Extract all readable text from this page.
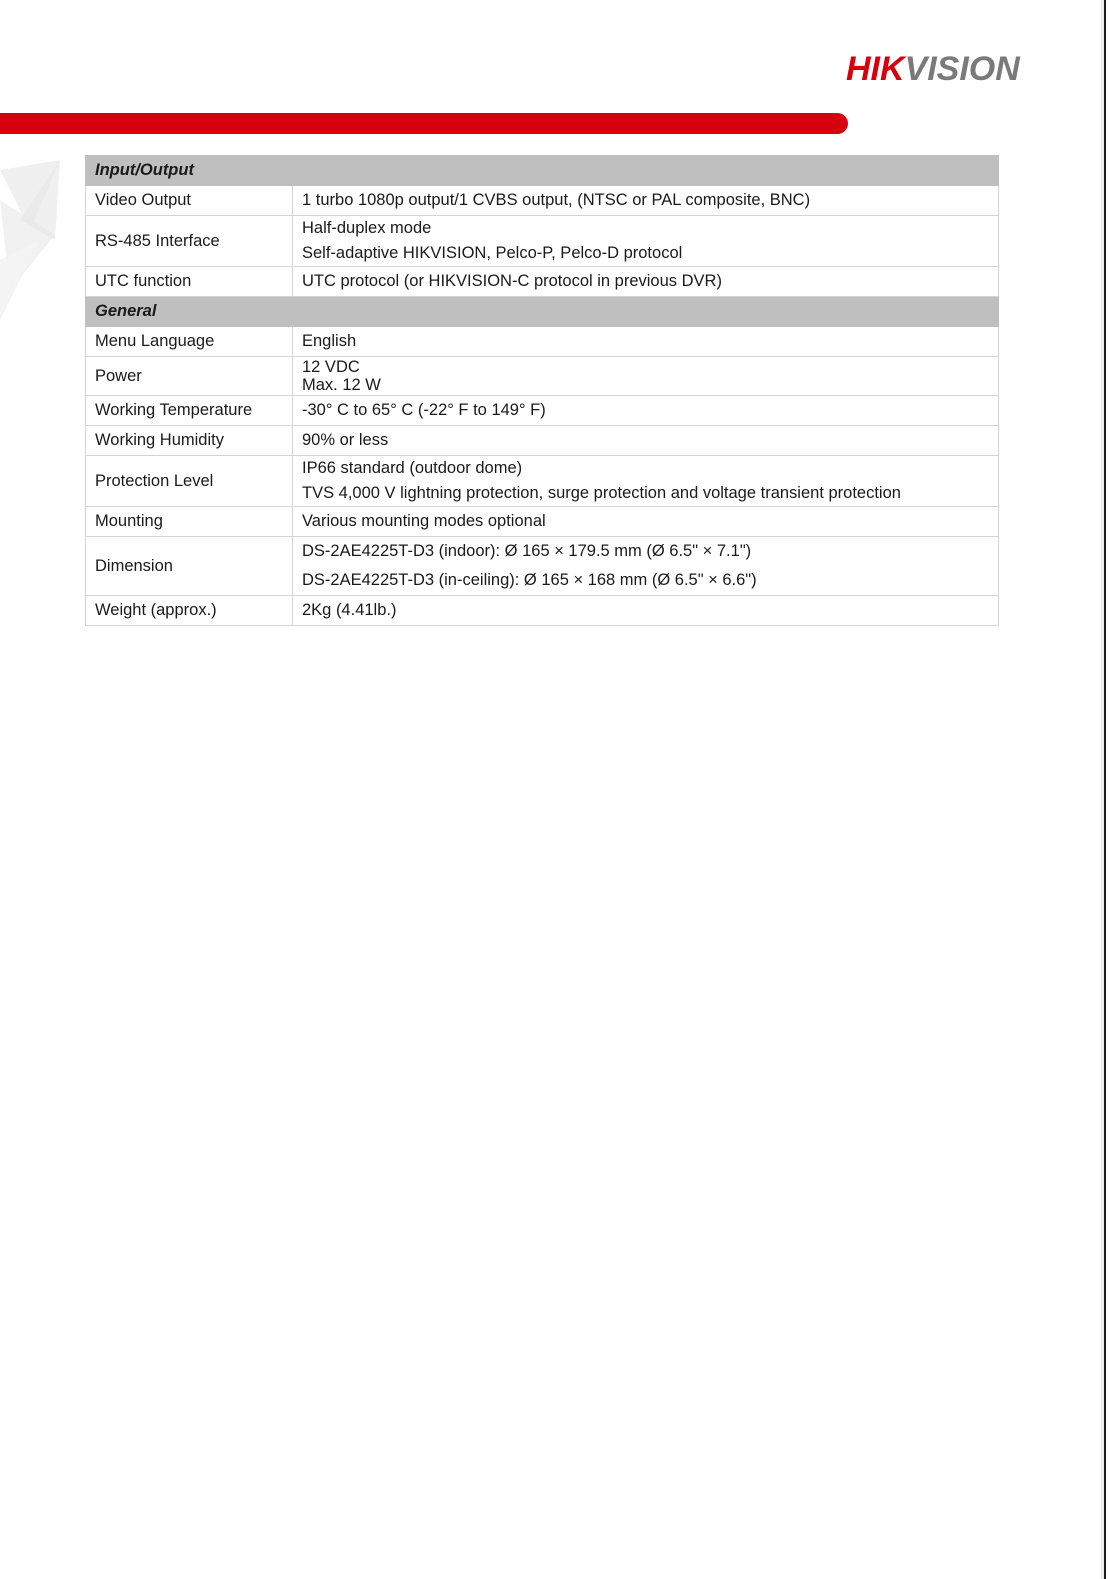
HIKVISION
Input/Output	
Video Output	1 turbo 1080p output/1 CVBS output, (NTSC or PAL composite, BNC)

RS-485 Interface	Half-duplex mode
Self-adaptive HIKVISION, Pelco-P, Pelco-D protocol

UTC function	UTC protocol (or HIKVISION-C protocol in previous DVR)

General	
Menu Language	English

Power	12 VDC
Max. 12 W

Working Temperature	-30° C to 65° C (-22° F to 149° F)

Working Humidity	90% or less

Protection Level	IP66 standard (outdoor dome)
TVS 4,000 V lightning protection, surge protection and voltage transient protection

Mounting	Various mounting modes optional

Dimension	DS-2AE4225T-D3 (indoor): Ø 165 × 179.5 mm (Ø 6.5" × 7.1")
DS-2AE4225T-D3 (in-ceiling): Ø 165 × 168 mm (Ø 6.5" × 6.6")

Weight (approx.)	2Kg (4.41lb.)
